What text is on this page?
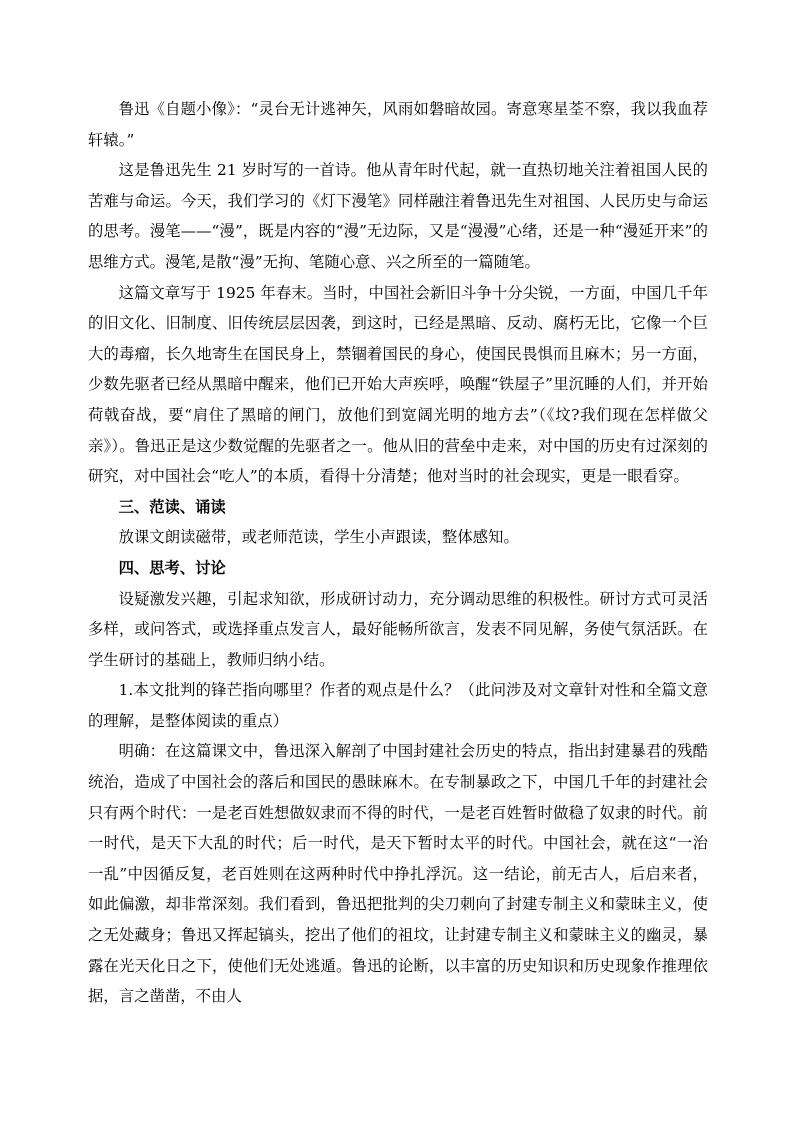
鲁迅《自题小像》：“灵台无计逃神矢，风雨如磐暗故园。寄意寒星荃不察，我以我血荐轩辕。”

这是鲁迅先生 21 岁时写的一首诗。他从青年时代起，就一直热切地关注着祖国人民的苦难与命运。今天，我们学习的《灯下漫笔》同样融注着鲁迅先生对祖国、人民历史与命运的思考。漫笔——“漫”，既是内容的“漫”无边际，又是“漫漫”心绪，还是一种“漫延开来”的思维方式。漫笔,是散“漫”无拘、笔随心意、兴之所至的一篇随笔。

这篇文章写于 1925 年春末。当时，中国社会新旧斗争十分尖锐，一方面，中国几千年的旧文化、旧制度、旧传统层层因袭，到这时，已经是黑暗、反动、腐朽无比，它像一个巨大的毒瘤，长久地寄生在国民身上，禁锢着国民的身心，使国民畏惧而且麻木；另一方面，少数先驱者已经从黑暗中醒来，他们已开始大声疾呼，唤醒“铁屋子”里沉睡的人们，并开始荷戟奋战，要“肩住了黑暗的闸门，放他们到宽阔光明的地方去”（《坟?我们现在怎样做父亲》）。鲁迅正是这少数觉醒的先驱者之一。他从旧的营垒中走来，对中国的历史有过深刻的研究，对中国社会“吃人”的本质，看得十分清楚；他对当时的社会现实，更是一眼看穿。

三、范读、诵读

放课文朗读磁带，或老师范读，学生小声跟读，整体感知。

四、思考、讨论

设疑激发兴趣，引起求知欲，形成研讨动力，充分调动思维的积极性。研讨方式可灵活多样，或问答式，或选择重点发言人，最好能畅所欲言，发表不同见解，务使气氛活跃。在学生研讨的基础上，教师归纳小结。

1.本文批判的锋芒指向哪里？作者的观点是什么？（此问涉及对文章针对性和全篇文意的理解，是整体阅读的重点）

明确：在这篇课文中，鲁迅深入解剖了中国封建社会历史的特点，指出封建暴君的残酷统治，造成了中国社会的落后和国民的愚昧麻木。在专制暴政之下，中国几千年的封建社会只有两个时代：一是老百姓想做奴隶而不得的时代，一是老百姓暂时做稳了奴隶的时代。前一时代，是天下大乱的时代；后一时代，是天下暂时太平的时代。中国社会，就在这“一治一乱”中因循反复，老百姓则在这两种时代中挣扎浮沉。这一结论，前无古人，后启来者，如此偏激，却非常深刻。我们看到，鲁迅把批判的尖刀刺向了封建专制主义和蒙昧主义，使之无处藏身；鲁迅又挥起镐头，挖出了他们的祖坟，让封建专制主义和蒙昧主义的幽灵，暴露在光天化日之下，使他们无处逃遁。鲁迅的论断，以丰富的历史知识和历史现象作推理依据，言之凿凿，不由人
